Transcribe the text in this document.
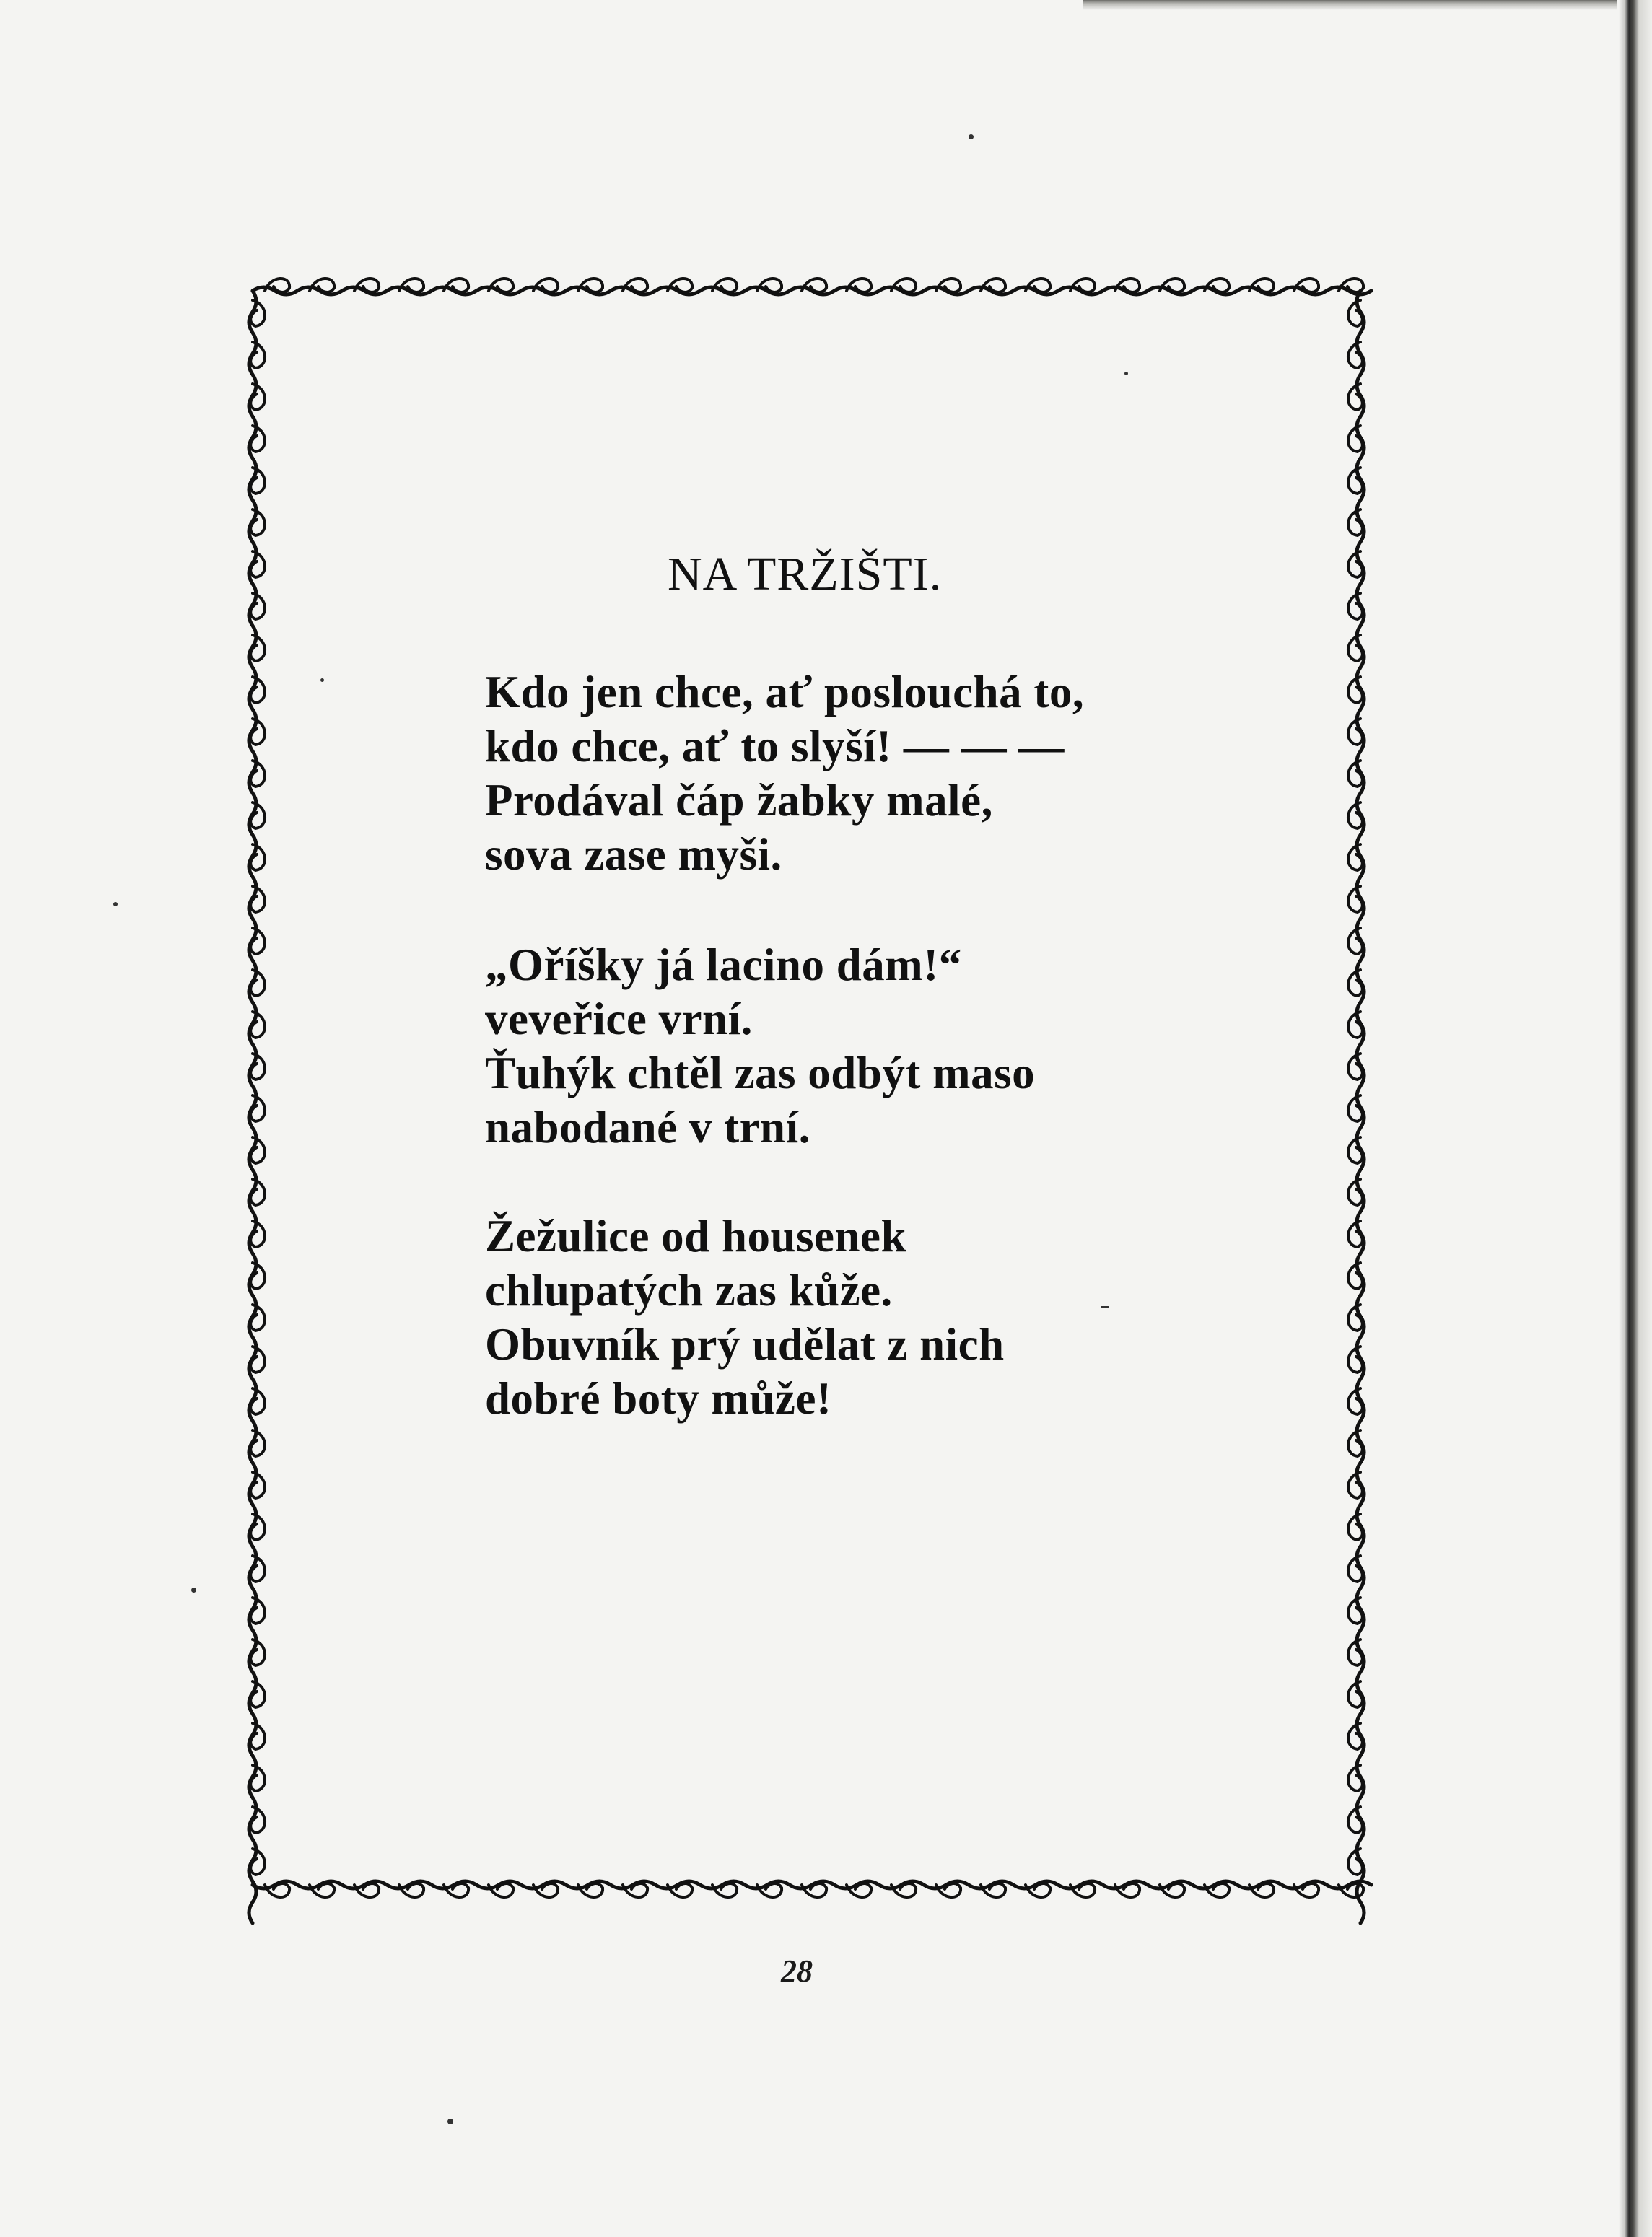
NA TRŽIŠTI.
Kdo jen chce, ať poslouchá to,
kdo chce, ať to slyší! — — —
Prodával čáp žabky malé,
sova zase myši.
„Oříšky já lacino dám!“
veveřice vrní.
Ťuhýk chtěl zas odbýt maso
nabodané v trní.
Žežulice od housenek
chlupatých zas kůže.
Obuvník prý udělat z nich
dobré boty může!
28
